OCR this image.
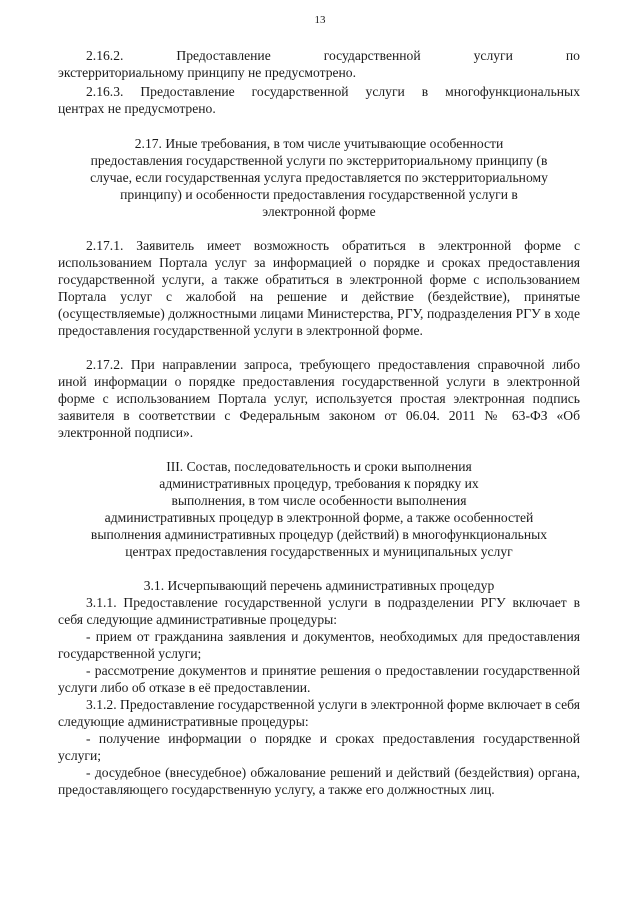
13
2.16.2.	Предоставление	государственной	услуги	по
экстерриториальному принципу не предусмотрено.
2.16.3. Предоставление государственной услуги в многофункциональных
центрах не предусмотрено.
2.17. Иные требования, в том числе учитывающие особенности
предоставления государственной услуги по экстерриториальному принципу (в
случае, если государственная услуга предоставляется по экстерриториальному
принципу) и особенности предоставления государственной услуги в
электронной форме

2.17.1. Заявитель имеет возможность обратиться в электронной форме с использованием Портала услуг за информацией о порядке и сроках предоставления государственной услуги, а также обратиться в электронной форме с использованием Портала услуг с жалобой на решение и действие (бездействие), принятые (осуществляемые) должностными лицами Министерства, РГУ, подразделения РГУ в ходе предоставления государственной услуги в электронной форме.

2.17.2. При направлении запроса, требующего предоставления справочной либо иной информации о порядке предоставления государственной услуги в электронной форме с использованием Портала услуг, используется простая электронная подпись заявителя в соответствии с Федеральным законом от 06.04. 2011 № 63-ФЗ «Об электронной подписи».

III. Состав, последовательность и сроки выполнения
административных процедур, требования к порядку их
выполнения, в том числе особенности выполнения
административных процедур в электронной форме, а также особенностей
выполнения административных процедур (действий) в многофункциональных
центрах предоставления государственных и муниципальных услуг
3.1. Исчерпывающий перечень административных процедур

3.1.1. Предоставление государственной услуги в подразделении РГУ включает в себя следующие административные процедуры:

- прием от гражданина заявления и документов, необходимых для предоставления государственной услуги;

- рассмотрение документов и принятие решения о предоставлении государственной услуги либо об отказе в её предоставлении.

3.1.2. Предоставление государственной услуги в электронной форме включает в себя следующие административные процедуры:

- получение информации о порядке и сроках предоставления государственной услуги;

- досудебное (внесудебное) обжалование решений и действий (бездействия) органа, предоставляющего государственную услугу, а также его должностных лиц.
